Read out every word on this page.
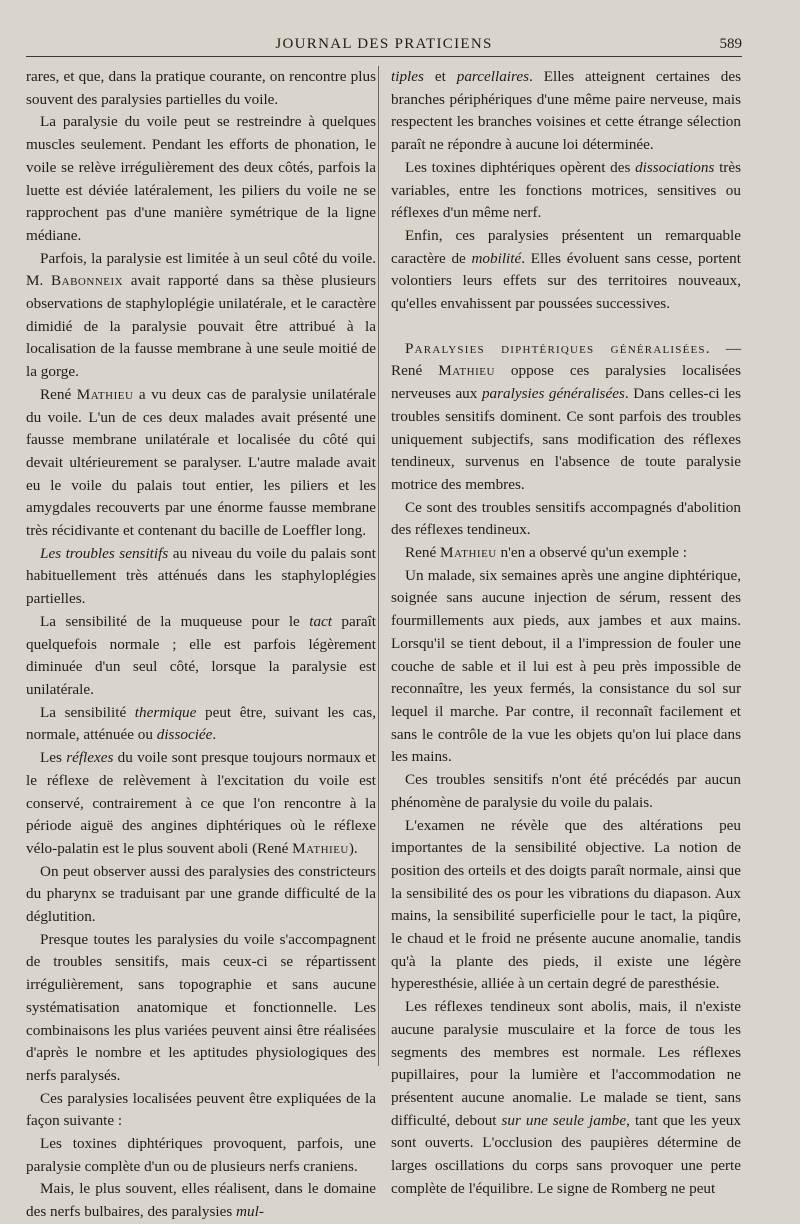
JOURNAL DES PRATICIENS	589

rares, et que, dans la pratique courante, on rencontre plus souvent des paralysies partielles du voile.

La paralysie du voile peut se restreindre à quelques muscles seulement. Pendant les efforts de phonation, le voile se relève irrégulièrement des deux côtés, parfois la luette est déviée latéralement, les piliers du voile ne se rapprochent pas d'une manière symétrique de la ligne médiane.

Parfois, la paralysie est limitée à un seul côté du voile. M. Babonneix avait rapporté dans sa thèse plusieurs observations de staphyloplégie unilatérale, et le caractère dimidié de la paralysie pouvait être attribué à la localisation de la fausse membrane à une seule moitié de la gorge.

René Mathieu a vu deux cas de paralysie unilatérale du voile. L'un de ces deux malades avait présenté une fausse membrane unilatérale et localisée du côté qui devait ultérieurement se paralyser. L'autre malade avait eu le voile du palais tout entier, les piliers et les amygdales recouverts par une énorme fausse membrane très récidivante et contenant du bacille de Loeffler long.

Les troubles sensitifs au niveau du voile du palais sont habituellement très atténués dans les staphyloplégies partielles.

La sensibilité de la muqueuse pour le tact paraît quelquefois normale ; elle est parfois légèrement diminuée d'un seul côté, lorsque la paralysie est unilatérale.

La sensibilité thermique peut être, suivant les cas, normale, atténuée ou dissociée.

Les réflexes du voile sont presque toujours normaux et le réflexe de relèvement à l'excitation du voile est conservé, contrairement à ce que l'on rencontre à la période aiguë des angines diphtériques où le réflexe vélo-palatin est le plus souvent aboli (René Mathieu).

On peut observer aussi des paralysies des constricteurs du pharynx se traduisant par une grande difficulté de la déglutition.

Presque toutes les paralysies du voile s'accompagnent de troubles sensitifs, mais ceux-ci se répartissent irrégulièrement, sans topographie et sans aucune systématisation anatomique et fonctionnelle. Les combinaisons les plus variées peuvent ainsi être réalisées d'après le nombre et les aptitudes physiologiques des nerfs paralysés.

Ces paralysies localisées peuvent être expliquées de la façon suivante :

Les toxines diphtériques provoquent, parfois, une paralysie complète d'un ou de plusieurs nerfs craniens.

Mais, le plus souvent, elles réalisent, dans le domaine des nerfs bulbaires, des paralysies mul-

tiples et parcellaires. Elles atteignent certaines des branches périphériques d'une même paire nerveuse, mais respectent les branches voisines et cette étrange sélection paraît ne répondre à aucune loi déterminée.

Les toxines diphtériques opèrent des dissociations très variables, entre les fonctions motrices, sensitives ou réflexes d'un même nerf.

Enfin, ces paralysies présentent un remarquable caractère de mobilité. Elles évoluent sans cesse, portent volontiers leurs effets sur des territoires nouveaux, qu'elles envahissent par poussées successives.

Paralysies diphtériques généralisées. — René Mathieu oppose ces paralysies localisées nerveuses aux paralysies généralisées. Dans celles-ci les troubles sensitifs dominent. Ce sont parfois des troubles uniquement subjectifs, sans modification des réflexes tendineux, survenus en l'absence de toute paralysie motrice des membres.

Ce sont des troubles sensitifs accompagnés d'abolition des réflexes tendineux.

René Mathieu n'en a observé qu'un exemple :

Un malade, six semaines après une angine diphtérique, soignée sans aucune injection de sérum, ressent des fourmillements aux pieds, aux jambes et aux mains. Lorsqu'il se tient debout, il a l'impression de fouler une couche de sable et il lui est à peu près impossible de reconnaître, les yeux fermés, la consistance du sol sur lequel il marche. Par contre, il reconnaît facilement et sans le contrôle de la vue les objets qu'on lui place dans les mains.

Ces troubles sensitifs n'ont été précédés par aucun phénomène de paralysie du voile du palais.

L'examen ne révèle que des altérations peu importantes de la sensibilité objective. La notion de position des orteils et des doigts paraît normale, ainsi que la sensibilité des os pour les vibrations du diapason. Aux mains, la sensibilité superficielle pour le tact, la piqûre, le chaud et le froid ne présente aucune anomalie, tandis qu'à la plante des pieds, il existe une légère hyperesthésie, alliée à un certain degré de paresthésie.

Les réflexes tendineux sont abolis, mais, il n'existe aucune paralysie musculaire et la force de tous les segments des membres est normale. Les réflexes pupillaires, pour la lumière et l'accommodation ne présentent aucune anomalie. Le malade se tient, sans difficulté, debout sur une seule jambe, tant que les yeux sont ouverts. L'occlusion des paupières détermine de larges oscillations du corps sans provoquer une perte complète de l'équilibre. Le signe de Romberg ne peut
